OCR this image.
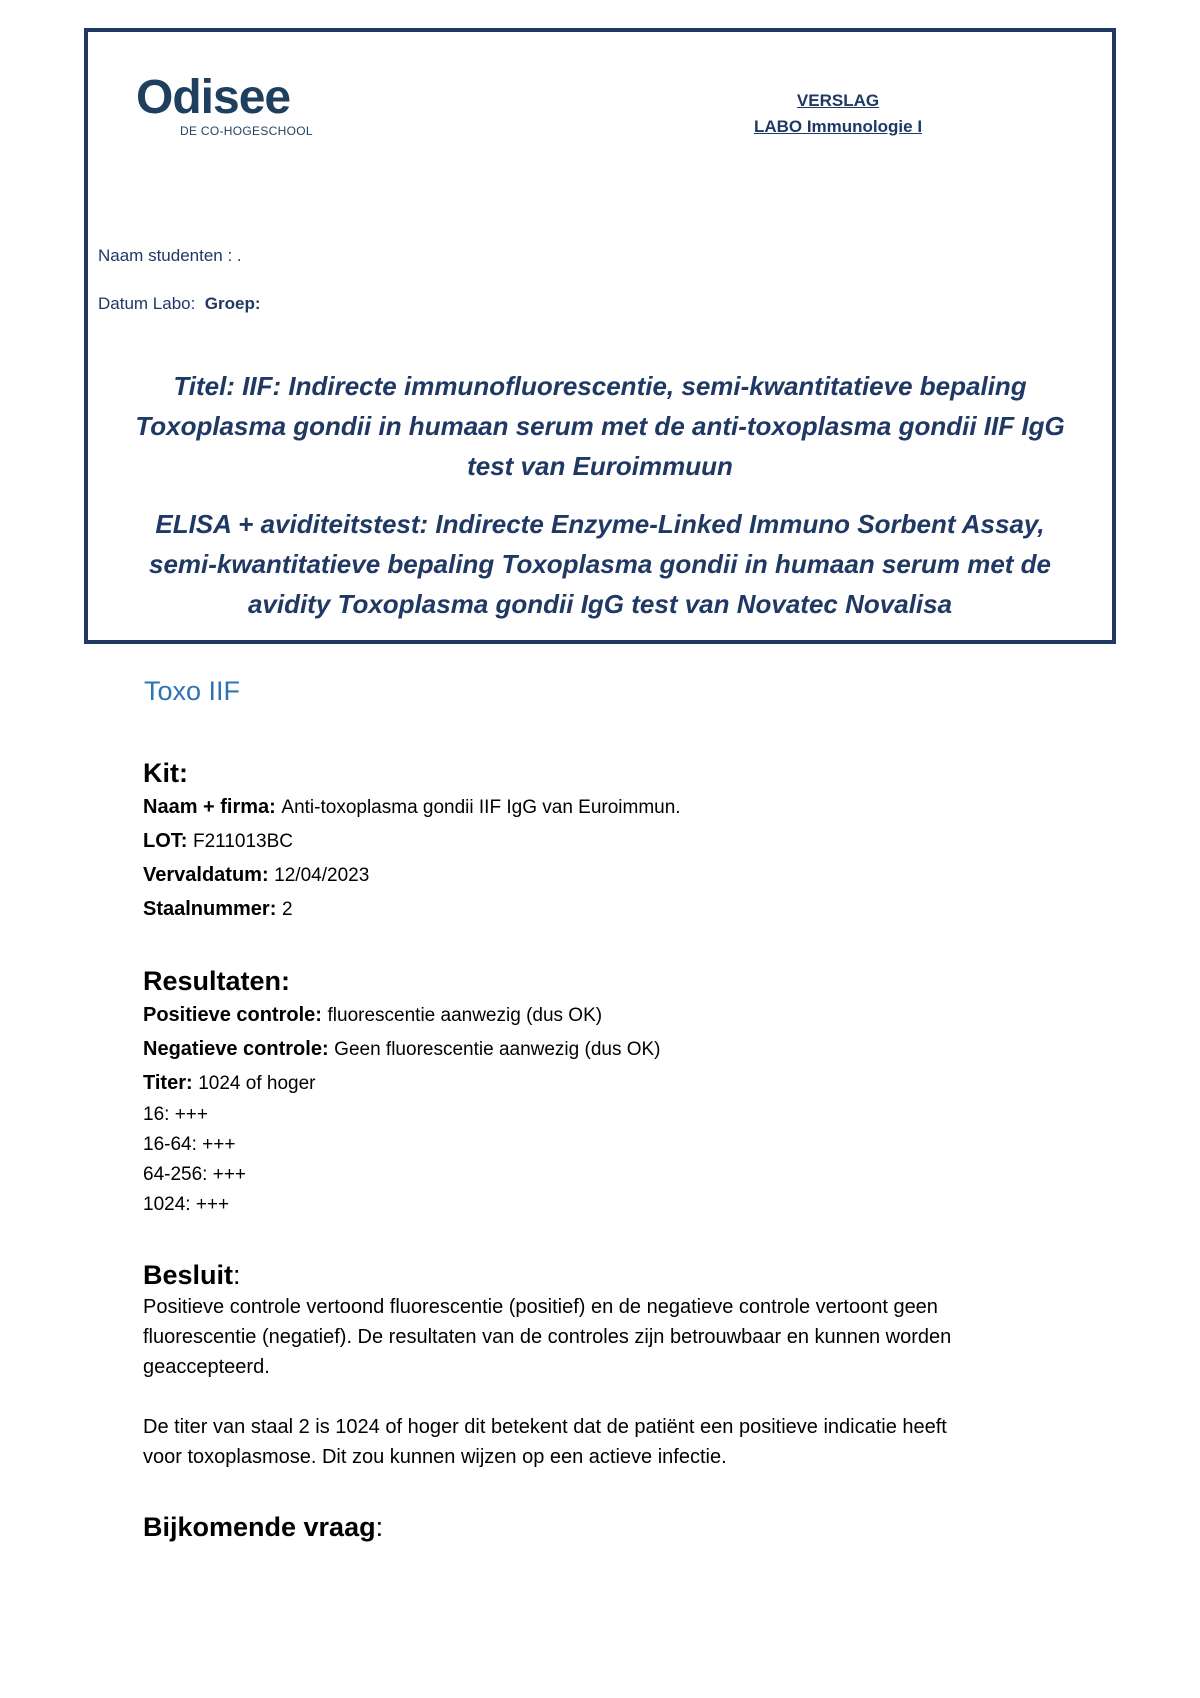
Odisee
DE CO-HOGESCHOOL
VERSLAG
LABO Immunologie I
Naam studenten : .
Datum Labo: Groep:
Titel: IIF: Indirecte immunofluorescentie, semi-kwantitatieve bepaling
Toxoplasma gondii in humaan serum met de anti-toxoplasma gondii IIF IgG
test van Euroimmuun
ELISA + aviditeitstest: Indirecte Enzyme-Linked Immuno Sorbent Assay,
semi-kwantitatieve bepaling Toxoplasma gondii in humaan serum met de
avidity Toxoplasma gondii IgG test van Novatec Novalisa
Toxo IIF
Kit:
Naam + firma: Anti-toxoplasma gondii IIF IgG van Euroimmun.
LOT: F211013BC
Vervaldatum: 12/04/2023
Staalnummer: 2
Resultaten:
Positieve controle: fluorescentie aanwezig (dus OK)
Negatieve controle: Geen fluorescentie aanwezig (dus OK)
Titer: 1024 of hoger
16: +++
16-64: +++
64-256: +++
1024: +++
Besluit:
Positieve controle vertoond fluorescentie (positief) en de negatieve controle vertoont geen
fluorescentie (negatief). De resultaten van de controles zijn betrouwbaar en kunnen worden
geaccepteerd.
De titer van staal 2 is 1024 of hoger dit betekent dat de patiënt een positieve indicatie heeft
voor toxoplasmose. Dit zou kunnen wijzen op een actieve infectie.
Bijkomende vraag:
